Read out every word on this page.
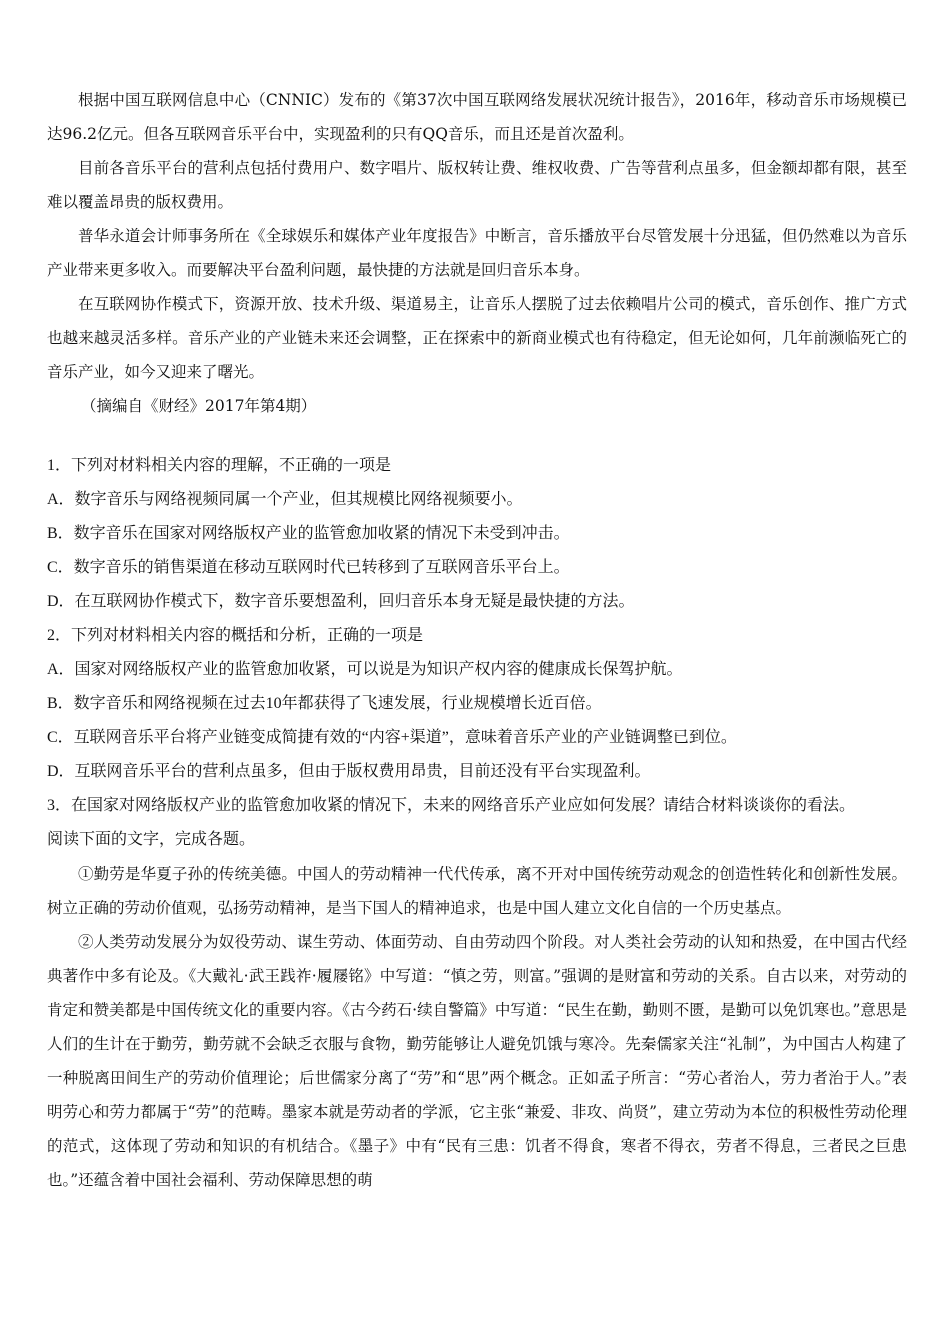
根据中国互联网信息中心（CNNIC）发布的《第37次中国互联网络发展状况统计报告》，2016年，移动音乐市场规模已达96.2亿元。但各互联网音乐平台中，实现盈利的只有QQ音乐，而且还是首次盈利。

目前各音乐平台的营利点包括付费用户、数字唱片、版权转让费、维权收费、广告等营利点虽多，但金额却都有限，甚至难以覆盖昂贵的版权费用。

普华永道会计师事务所在《全球娱乐和媒体产业年度报告》中断言，音乐播放平台尽管发展十分迅猛，但仍然难以为音乐产业带来更多收入。而要解决平台盈利问题，最快捷的方法就是回归音乐本身。

在互联网协作模式下，资源开放、技术升级、渠道易主，让音乐人摆脱了过去依赖唱片公司的模式，音乐创作、推广方式也越来越灵活多样。音乐产业的产业链未来还会调整，正在探索中的新商业模式也有待稳定，但无论如何，几年前濒临死亡的音乐产业，如今又迎来了曙光。

（摘编自《财经》2017年第4期）

1．下列对材料相关内容的理解，不正确的一项是

A．数字音乐与网络视频同属一个产业，但其规模比网络视频要小。

B．数字音乐在国家对网络版权产业的监管愈加收紧的情况下未受到冲击。

C．数字音乐的销售渠道在移动互联网时代已转移到了互联网音乐平台上。

D．在互联网协作模式下，数字音乐要想盈利，回归音乐本身无疑是最快捷的方法。

2．下列对材料相关内容的概括和分析，正确的一项是

A．国家对网络版权产业的监管愈加收紧，可以说是为知识产权内容的健康成长保驾护航。

B．数字音乐和网络视频在过去10年都获得了飞速发展，行业规模增长近百倍。

C．互联网音乐平台将产业链变成简捷有效的“内容+渠道”，意味着音乐产业的产业链调整已到位。

D．互联网音乐平台的营利点虽多，但由于版权费用昂贵，目前还没有平台实现盈利。

3．在国家对网络版权产业的监管愈加收紧的情况下，未来的网络音乐产业应如何发展？请结合材料谈谈你的看法。

阅读下面的文字，完成各题。

①勤劳是华夏子孙的传统美德。中国人的劳动精神一代代传承，离不开对中国传统劳动观念的创造性转化和创新性发展。树立正确的劳动价值观，弘扬劳动精神，是当下国人的精神追求，也是中国人建立文化自信的一个历史基点。

②人类劳动发展分为奴役劳动、谋生劳动、体面劳动、自由劳动四个阶段。对人类社会劳动的认知和热爱，在中国古代经典著作中多有论及。《大戴礼·武王践祚·履屦铭》中写道：“慎之劳，则富。”强调的是财富和劳动的关系。自古以来，对劳动的肯定和赞美都是中国传统文化的重要内容。《古今药石·续自警篇》中写道：“民生在勤，勤则不匮，是勤可以免饥寒也。”意思是人们的生计在于勤劳，勤劳就不会缺乏衣服与食物，勤劳能够让人避免饥饿与寒冷。先秦儒家关注“礼制”，为中国古人构建了一种脱离田间生产的劳动价值理论；后世儒家分离了“劳”和“思”两个概念。正如孟子所言：“劳心者治人，劳力者治于人。”表明劳心和劳力都属于“劳”的范畴。墨家本就是劳动者的学派，它主张“兼爱、非攻、尚贤”，建立劳动为本位的积极性劳动伦理的范式，这体现了劳动和知识的有机结合。《墨子》中有“民有三患：饥者不得食，寒者不得衣，劳者不得息，三者民之巨患也。”还蕴含着中国社会福利、劳动保障思想的萌
